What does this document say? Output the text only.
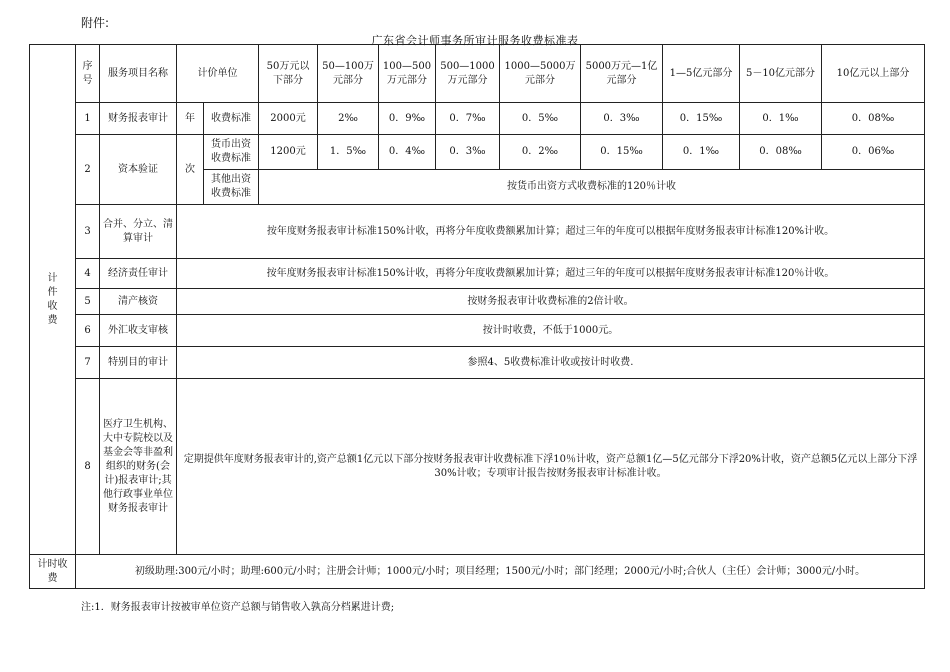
附件:
广东省会计师事务所审计服务收费标准表
计件收费	序号	服务项目名称	计价单位		50万元以下部分	50—100万元部分	100—500万元部分	500—1000万元部分	1000—5000万元部分	5000万元—1亿元部分	1—5亿元部分	5－10亿元部分	10亿元以上部分
	1	财务报表审计	年	收费标准	2000元	2‰	0．9‰	0．7‰	0．5‰	0．3‰	0．15‰	0．1‰	0．08‰
	2	资本验证	次	货币出资收费标准	1200元	1．5‰	0．4‰	0．3‰	0．2‰	0．15‰	0．1‰	0．08‰	0．06‰
				其他出资收费标准	按货币出资方式收费标准的120％计收								
	3	合并、分立、清算审计	按年度财务报表审计标准150%计收，再将分年度收费额累加计算；超过三年的年度可以根据年度财务报表审计标准120%计收。										
	4	经济责任审计	按年度财务报表审计标准150%计收，再将分年度收费额累加计算；超过三年的年度可以根据年度财务报表审计标准120％计收。										
	5	清产核资	按财务报表审计收费标准的2倍计收。										
	6	外汇收支审核	按计时收费，不低于1000元。										
	7	特别目的审计	参照4、5收费标准计收或按计时收费.										
	8	医疗卫生机构、大中专院校以及基金会等非盈利组织的财务(会计)报表审计;其他行政事业单位财务报表审计	定期提供年度财务报表审计的,资产总额1亿元以下部分按财务报表审计收费标准下浮10％计收，资产总额1亿—5亿元部分下浮20%计收，资产总额5亿元以上部分下浮30%计收；专项审计报告按财务报表审计标准计收。										
计时收费	初级助理:300元/小时；助理:600元/小时；注册会计师；1000元/小时；项目经理；1500元/小时；部门经理；2000元/小时;合伙人（主任）会计师；3000元/小时。												
注:1．财务报表审计按被审单位资产总额与销售收入孰高分档累进计费;
